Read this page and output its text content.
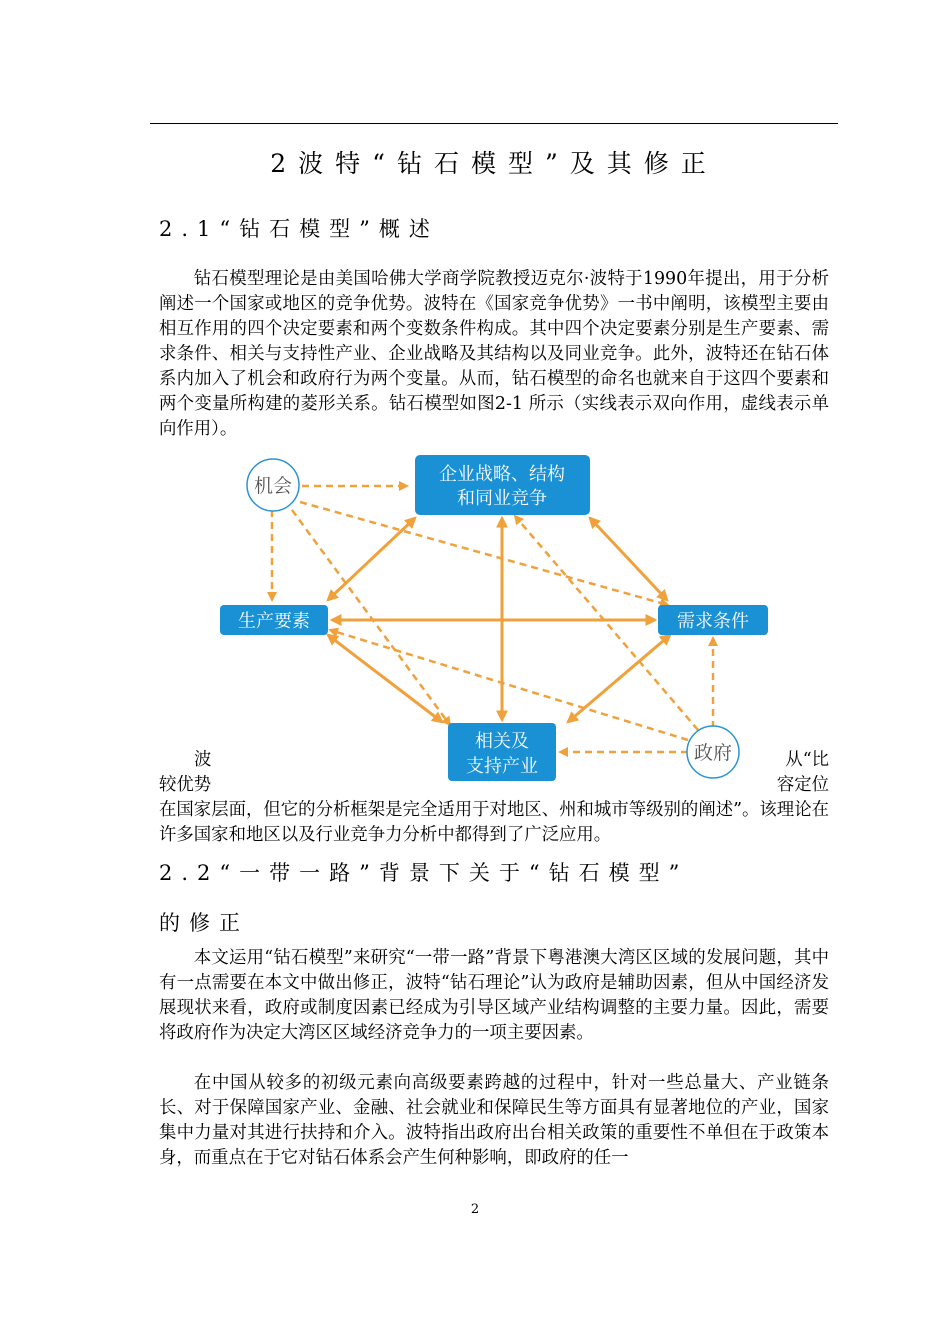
2波特“钻石模型”及其修正
2.1“钻石模型”概述

钻石模型理论是由美国哈佛大学商学院教授迈克尔·波特于1990年提出，用于分析阐述一个国家或地区的竞争优势。波特在《国家竞争优势》一书中阐明，该模型主要由相互作用的四个决定要素和两个变数条件构成。其中四个决定要素分别是生产要素、需求条件、相关与支持性产业、企业战略及其结构以及同业竞争。此外，波特还在钻石体系内加入了机会和政府行为两个变量。从而，钻石模型的命名也就来自于这四个要素和两个变量所构建的菱形关系。钻石模型如图2-1 所示（实线表示双向作用，虚线表示单向作用）。

波	从“比
较优势	容定位
在国家层面，但它的分析框架是完全适用于对地区、州和城市等级别的阐述”。该理论在许多国家和地区以及行业竞争力分析中都得到了广泛应用。
机会
政府
企业战略、结构
和同业竞争
生产要素	需求条件
相关及
支持产业
2.2“一带一路”背景下关于“钻石模型”
的修正

本文运用“钻石模型”来研究“一带一路”背景下粤港澳大湾区区域的发展问题，其中有一点需要在本文中做出修正，波特“钻石理论”认为政府是辅助因素，但从中国经济发展现状来看，政府或制度因素已经成为引导区域产业结构调整的主要力量。因此，需要将政府作为决定大湾区区域经济竞争力的一项主要因素。

在中国从较多的初级元素向高级要素跨越的过程中，针对一些总量大、产业链条长、对于保障国家产业、金融、社会就业和保障民生等方面具有显著地位的产业，国家集中力量对其进行扶持和介入。波特指出政府出台相关政策的重要性不单但在于政策本身，而重点在于它对钻石体系会产生何种影响，即政府的任一

2
